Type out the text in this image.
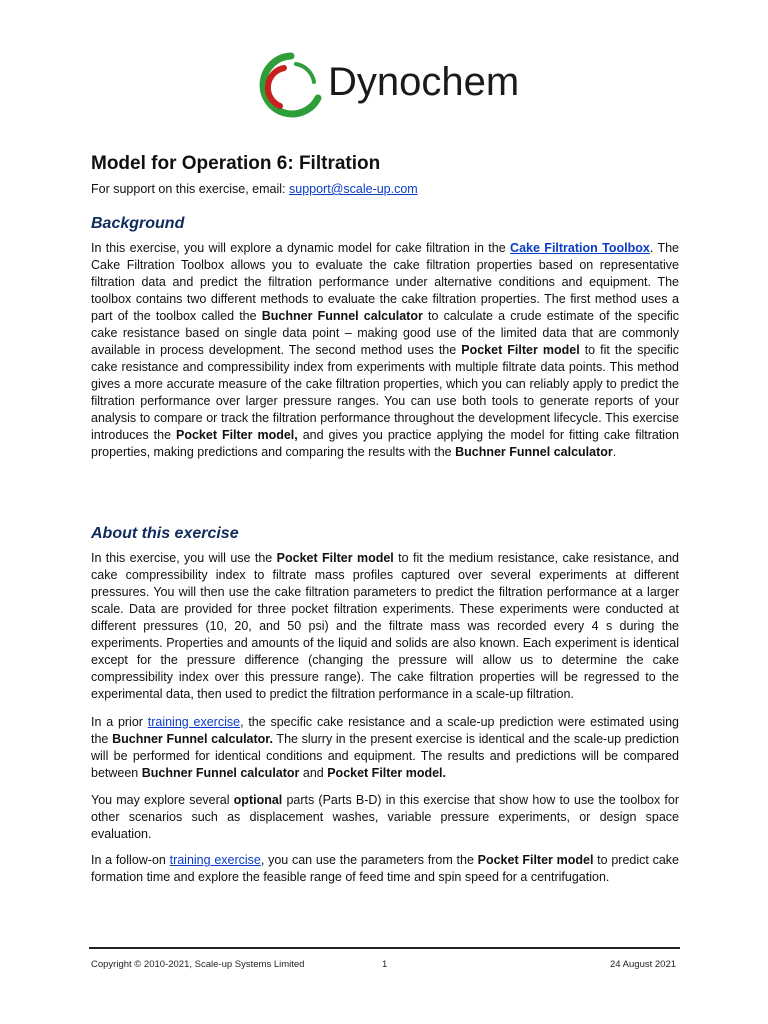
Dynochem
Model for Operation 6: Filtration
For support on this exercise, email: support@scale-up.com
Background
In this exercise, you will explore a dynamic model for cake filtration in the Cake Filtration Toolbox. The Cake Filtration Toolbox allows you to evaluate the cake filtration properties based on representative filtration data and predict the filtration performance under alternative conditions and equipment. The toolbox contains two different methods to evaluate the cake filtration properties. The first method uses a part of the toolbox called the Buchner Funnel calculator to calculate a crude estimate of the specific cake resistance based on single data point – making good use of the limited data that are commonly available in process development. The second method uses the Pocket Filter model to fit the specific cake resistance and compressibility index from experiments with multiple filtrate data points. This method gives a more accurate measure of the cake filtration properties, which you can reliably apply to predict the filtration performance over larger pressure ranges. You can use both tools to generate reports of your analysis to compare or track the filtration performance throughout the development lifecycle. This exercise introduces the Pocket Filter model, and gives you practice applying the model for fitting cake filtration properties, making predictions and comparing the results with the Buchner Funnel calculator.
About this exercise
In this exercise, you will use the Pocket Filter model to fit the medium resistance, cake resistance, and cake compressibility index to filtrate mass profiles captured over several experiments at different pressures. You will then use the cake filtration parameters to predict the filtration performance at a larger scale. Data are provided for three pocket filtration experiments. These experiments were conducted at different pressures (10, 20, and 50 psi) and the filtrate mass was recorded every 4 s during the experiments. Properties and amounts of the liquid and solids are also known. Each experiment is identical except for the pressure difference (changing the pressure will allow us to determine the cake compressibility index over this pressure range). The cake filtration properties will be regressed to the experimental data, then used to predict the filtration performance in a scale-up filtration.
In a prior training exercise, the specific cake resistance and a scale-up prediction were estimated using the Buchner Funnel calculator. The slurry in the present exercise is identical and the scale-up prediction will be performed for identical conditions and equipment. The results and predictions will be compared between Buchner Funnel calculator and Pocket Filter model.
You may explore several optional parts (Parts B-D) in this exercise that show how to use the toolbox for other scenarios such as displacement washes, variable pressure experiments, or design space evaluation.
In a follow-on training exercise, you can use the parameters from the Pocket Filter model to predict cake formation time and explore the feasible range of feed time and spin speed for a centrifugation.
Copyright © 2010-2021, Scale-up Systems Limited	1	24 August 2021
